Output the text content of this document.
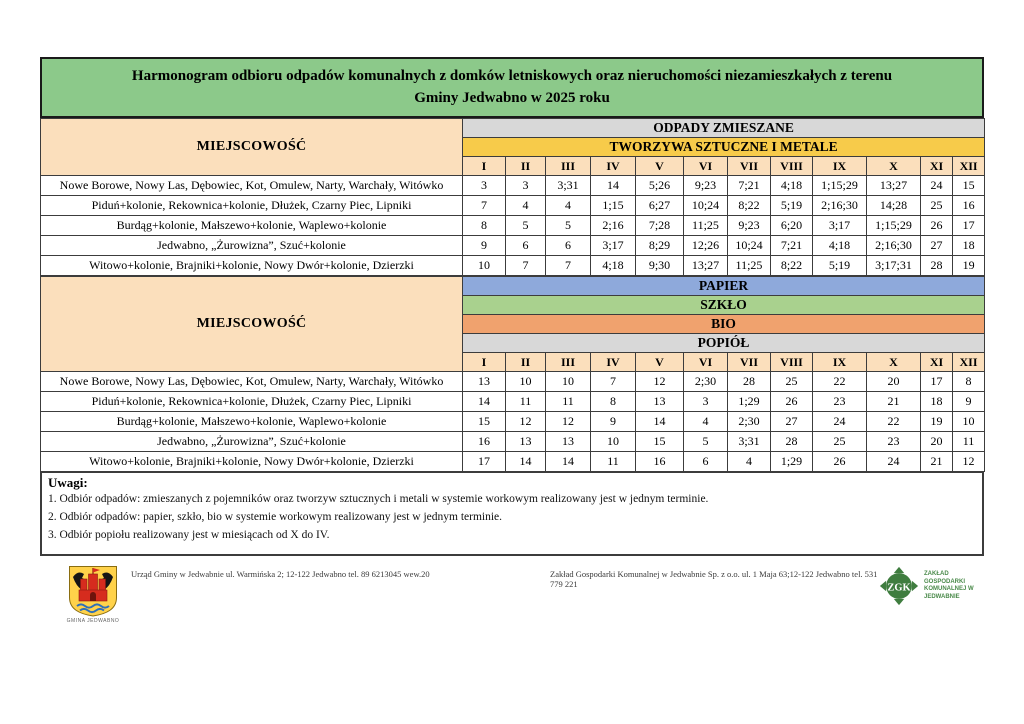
Harmonogram odbioru odpadów komunalnych z domków letniskowych oraz nieruchomości niezamieszkałych z terenu Gminy Jedwabno w 2025 roku
MIEJSCOWOŚĆ	ODPADY ZMIESZANE											
	TWORZYWA SZTUCZNE I METALE											
	I	II	III	IV	V	VI	VII	VIII	IX	X	XI	XII
Nowe Borowe, Nowy Las, Dębowiec, Kot, Omulew, Narty, Warchały, Witówko	3	3	3;31	14	5;26	9;23	7;21	4;18	1;15;29	13;27	24	15
Piduń+kolonie, Rekownica+kolonie, Dłużek, Czarny Piec, Lipniki	7	4	4	1;15	6;27	10;24	8;22	5;19	2;16;30	14;28	25	16
Burdąg+kolonie, Małszewo+kolonie, Waplewo+kolonie	8	5	5	2;16	7;28	11;25	9;23	6;20	3;17	1;15;29	26	17
Jedwabno, „Żurowizna”, Szuć+kolonie	9	6	6	3;17	8;29	12;26	10;24	7;21	4;18	2;16;30	27	18
Witowo+kolonie, Brajniki+kolonie, Nowy Dwór+kolonie, Dzierzki	10	7	7	4;18	9;30	13;27	11;25	8;22	5;19	3;17;31	28	19
MIEJSCOWOŚĆ	PAPIER											
	SZKŁO											
	BIO											
	POPIÓŁ											
	I	II	III	IV	V	VI	VII	VIII	IX	X	XI	XII
Nowe Borowe, Nowy Las, Dębowiec, Kot, Omulew, Narty, Warchały, Witówko	13	10	10	7	12	2;30	28	25	22	20	17	8
Piduń+kolonie, Rekownica+kolonie, Dłużek, Czarny Piec, Lipniki	14	11	11	8	13	3	1;29	26	23	21	18	9
Burdąg+kolonie, Małszewo+kolonie, Waplewo+kolonie	15	12	12	9	14	4	2;30	27	24	22	19	10
Jedwabno, „Żurowizna”, Szuć+kolonie	16	13	13	10	15	5	3;31	28	25	23	20	11
Witowo+kolonie, Brajniki+kolonie, Nowy Dwór+kolonie, Dzierzki	17	14	14	11	16	6	4	1;29	26	24	21	12
Uwagi:
1. Odbiór odpadów: zmieszanych z pojemników oraz tworzyw sztucznych i metali w systemie workowym realizowany jest w jednym terminie.
2. Odbiór odpadów: papier, szkło, bio w systemie workowym realizowany jest w jednym terminie.
3. Odbiór popiołu realizowany jest w miesiącach od X do IV.
GMINA JEDWABNO
Urząd Gminy w Jedwabnie ul. Warmińska 2; 12-122 Jedwabno tel. 89 6213045 wew.20	Zakład Gospodarki Komunalnej w Jedwabnie Sp. z o.o. ul. 1 Maja 63;12-122 Jedwabno tel. 531 779 221	ZGK
ZAKŁAD GOSPODARKI KOMUNALNEJ W JEDWABNIE
